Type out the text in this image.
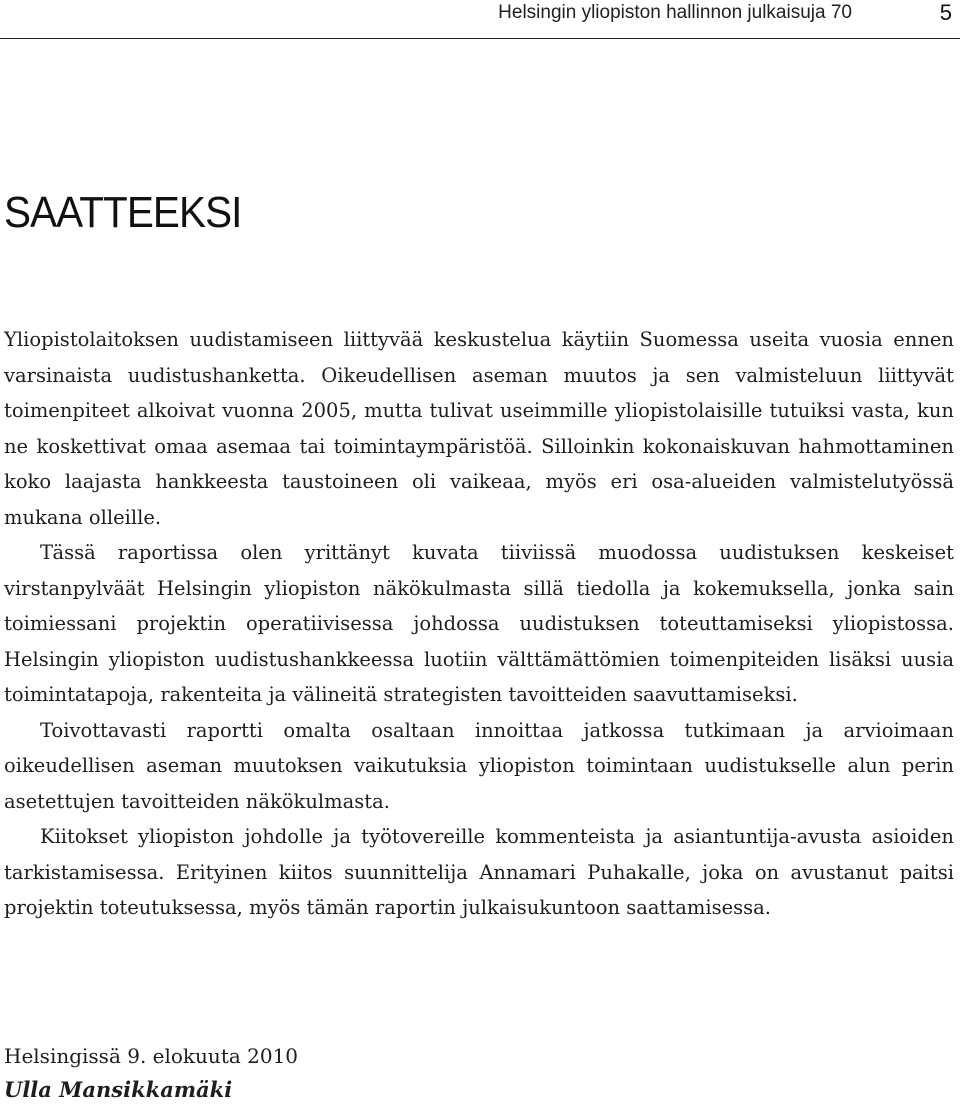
Helsingin yliopiston hallinnon julkaisuja 70	5
SAATTEEKSI

Yliopistolaitoksen uudistamiseen liittyvää keskustelua käytiin Suomessa useita vuosia ennen varsinaista uudistushanketta. Oikeudellisen aseman muutos ja sen valmisteluun liittyvät toimenpiteet alkoivat vuonna 2005, mutta tulivat useimmille yliopistolaisille tutuiksi vasta, kun ne koskettivat omaa asemaa tai toimintaympäristöä. Silloinkin kokonaiskuvan hahmottaminen koko laajasta hankkeesta taustoineen oli vaikeaa, myös eri osa-alueiden valmistelutyössä mukana olleille.

Tässä raportissa olen yrittänyt kuvata tiiviissä muodossa uudistuksen keskeiset virstanpylväät Helsingin yliopiston näkökulmasta sillä tiedolla ja kokemuksella, jonka sain toimiessani projektin operatiivisessa johdossa uudistuksen toteuttamiseksi yliopistossa. Helsingin yliopiston uudistushankkeessa luotiin välttämättömien toimenpiteiden lisäksi uusia toimintatapoja, rakenteita ja välineitä strategisten tavoitteiden saavuttamiseksi.

Toivottavasti raportti omalta osaltaan innoittaa jatkossa tutkimaan ja arvioimaan oikeudellisen aseman muutoksen vaikutuksia yliopiston toimintaan uudistukselle alun perin asetettujen tavoitteiden näkökulmasta.

Kiitokset yliopiston johdolle ja työtovereille kommenteista ja asiantuntija-avusta asioiden tarkistamisessa. Erityinen kiitos suunnittelija Annamari Puhakalle, joka on avustanut paitsi projektin toteutuksessa, myös tämän raportin julkaisukuntoon saattamisessa.

Helsingissä 9. elokuuta 2010
Ulla Mansikkamäki
